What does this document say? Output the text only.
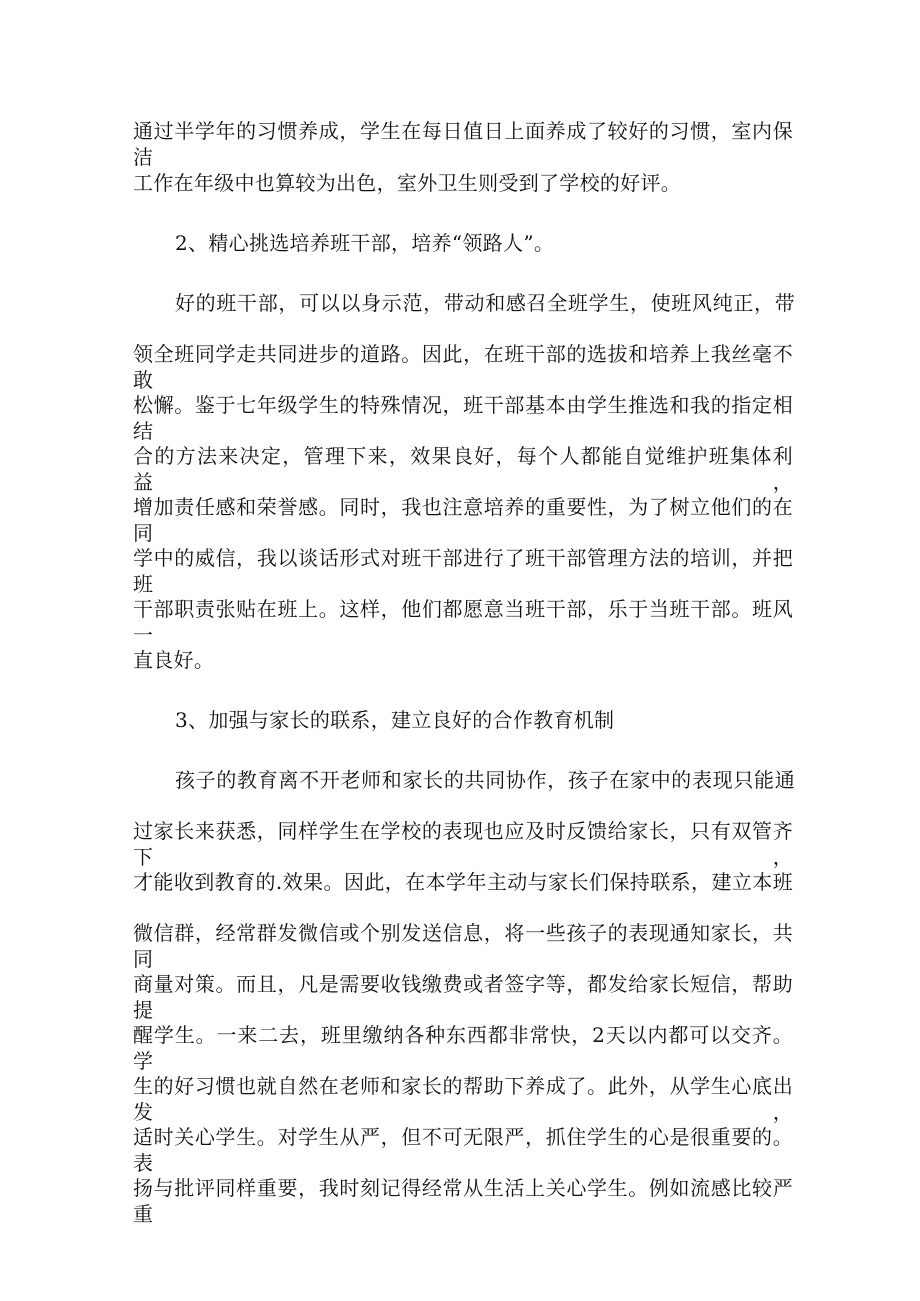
通过半学年的习惯养成，学生在每日值日上面养成了较好的习惯，室内保洁
工作在年级中也算较为出色，室外卫生则受到了学校的好评。
2、精心挑选培养班干部，培养“领路人”。
好的班干部，可以以身示范，带动和感召全班学生，使班风纯正，带
领全班同学走共同进步的道路。因此，在班干部的选拔和培养上我丝毫不敢
松懈。鉴于七年级学生的特殊情况，班干部基本由学生推选和我的指定相结
合的方法来决定，管理下来，效果良好，每个人都能自觉维护班集体利益，
增加责任感和荣誉感。同时，我也注意培养的重要性，为了树立他们的在同
学中的威信，我以谈话形式对班干部进行了班干部管理方法的培训，并把班
干部职责张贴在班上。这样，他们都愿意当班干部，乐于当班干部。班风一
直良好。
3、加强与家长的联系，建立良好的合作教育机制
孩子的教育离不开老师和家长的共同协作，孩子在家中的表现只能通
过家长来获悉，同样学生在学校的表现也应及时反馈给家长，只有双管齐下，
才能收到教育的.效果。因此，在本学年主动与家长们保持联系，建立本班
微信群，经常群发微信或个别发送信息，将一些孩子的表现通知家长，共同
商量对策。而且，凡是需要收钱缴费或者签字等，都发给家长短信，帮助提
醒学生。一来二去，班里缴纳各种东西都非常快，2天以内都可以交齐。学
生的好习惯也就自然在老师和家长的帮助下养成了。此外，从学生心底出发，
适时关心学生。对学生从严，但不可无限严，抓住学生的心是很重要的。表
扬与批评同样重要，我时刻记得经常从生活上关心学生。例如流感比较严重
